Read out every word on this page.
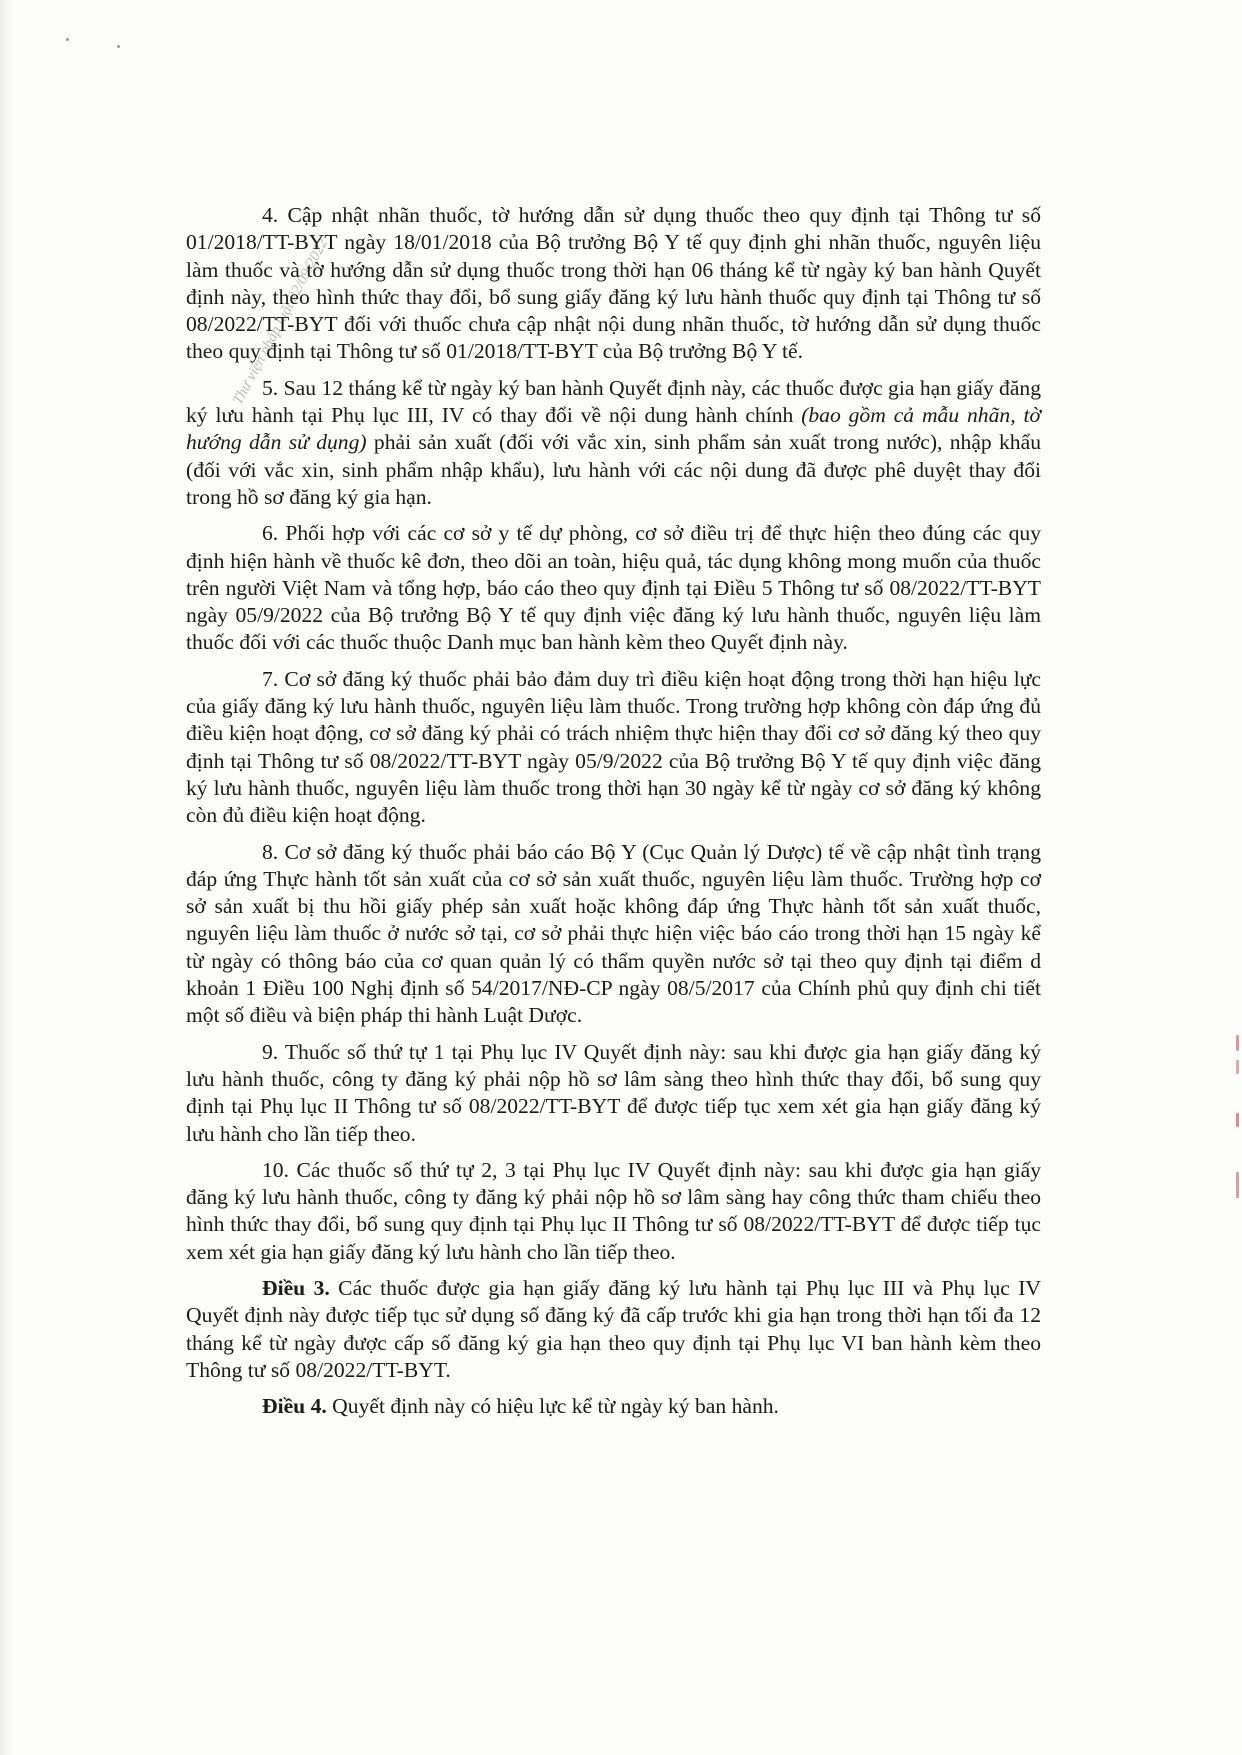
Thư viện pháp luật 22/09/2022

4. Cập nhật nhãn thuốc, tờ hướng dẫn sử dụng thuốc theo quy định tại Thông tư số 01/2018/TT-BYT ngày 18/01/2018 của Bộ trưởng Bộ Y tế quy định ghi nhãn thuốc, nguyên liệu làm thuốc và tờ hướng dẫn sử dụng thuốc trong thời hạn 06 tháng kể từ ngày ký ban hành Quyết định này, theo hình thức thay đổi, bổ sung giấy đăng ký lưu hành thuốc quy định tại Thông tư số 08/2022/TT-BYT đối với thuốc chưa cập nhật nội dung nhãn thuốc, tờ hướng dẫn sử dụng thuốc theo quy định tại Thông tư số 01/2018/TT-BYT của Bộ trưởng Bộ Y tế.

5. Sau 12 tháng kể từ ngày ký ban hành Quyết định này, các thuốc được gia hạn giấy đăng ký lưu hành tại Phụ lục III, IV có thay đổi về nội dung hành chính (bao gồm cả mẫu nhãn, tờ hướng dẫn sử dụng) phải sản xuất (đối với vắc xin, sinh phẩm sản xuất trong nước), nhập khẩu (đối với vắc xin, sinh phẩm nhập khẩu), lưu hành với các nội dung đã được phê duyệt thay đổi trong hồ sơ đăng ký gia hạn.

6. Phối hợp với các cơ sở y tế dự phòng, cơ sở điều trị để thực hiện theo đúng các quy định hiện hành về thuốc kê đơn, theo dõi an toàn, hiệu quả, tác dụng không mong muốn của thuốc trên người Việt Nam và tổng hợp, báo cáo theo quy định tại Điều 5 Thông tư số 08/2022/TT-BYT ngày 05/9/2022 của Bộ trưởng Bộ Y tế quy định việc đăng ký lưu hành thuốc, nguyên liệu làm thuốc đối với các thuốc thuộc Danh mục ban hành kèm theo Quyết định này.

7. Cơ sở đăng ký thuốc phải bảo đảm duy trì điều kiện hoạt động trong thời hạn hiệu lực của giấy đăng ký lưu hành thuốc, nguyên liệu làm thuốc. Trong trường hợp không còn đáp ứng đủ điều kiện hoạt động, cơ sở đăng ký phải có trách nhiệm thực hiện thay đổi cơ sở đăng ký theo quy định tại Thông tư số 08/2022/TT-BYT ngày 05/9/2022 của Bộ trưởng Bộ Y tế quy định việc đăng ký lưu hành thuốc, nguyên liệu làm thuốc trong thời hạn 30 ngày kể từ ngày cơ sở đăng ký không còn đủ điều kiện hoạt động.

8. Cơ sở đăng ký thuốc phải báo cáo Bộ Y (Cục Quản lý Dược) tế về cập nhật tình trạng đáp ứng Thực hành tốt sản xuất của cơ sở sản xuất thuốc, nguyên liệu làm thuốc. Trường hợp cơ sở sản xuất bị thu hồi giấy phép sản xuất hoặc không đáp ứng Thực hành tốt sản xuất thuốc, nguyên liệu làm thuốc ở nước sở tại, cơ sở phải thực hiện việc báo cáo trong thời hạn 15 ngày kể từ ngày có thông báo của cơ quan quản lý có thẩm quyền nước sở tại theo quy định tại điểm d khoản 1 Điều 100 Nghị định số 54/2017/NĐ-CP ngày 08/5/2017 của Chính phủ quy định chi tiết một số điều và biện pháp thi hành Luật Dược.

9. Thuốc số thứ tự 1 tại Phụ lục IV Quyết định này: sau khi được gia hạn giấy đăng ký lưu hành thuốc, công ty đăng ký phải nộp hồ sơ lâm sàng theo hình thức thay đổi, bổ sung quy định tại Phụ lục II Thông tư số 08/2022/TT-BYT để được tiếp tục xem xét gia hạn giấy đăng ký lưu hành cho lần tiếp theo.

10. Các thuốc số thứ tự 2, 3 tại Phụ lục IV Quyết định này: sau khi được gia hạn giấy đăng ký lưu hành thuốc, công ty đăng ký phải nộp hồ sơ lâm sàng hay công thức tham chiếu theo hình thức thay đổi, bổ sung quy định tại Phụ lục II Thông tư số 08/2022/TT-BYT để được tiếp tục xem xét gia hạn giấy đăng ký lưu hành cho lần tiếp theo.

Điều 3. Các thuốc được gia hạn giấy đăng ký lưu hành tại Phụ lục III và Phụ lục IV Quyết định này được tiếp tục sử dụng số đăng ký đã cấp trước khi gia hạn trong thời hạn tối đa 12 tháng kể từ ngày được cấp số đăng ký gia hạn theo quy định tại Phụ lục VI ban hành kèm theo Thông tư số 08/2022/TT-BYT.

Điều 4. Quyết định này có hiệu lực kể từ ngày ký ban hành.
